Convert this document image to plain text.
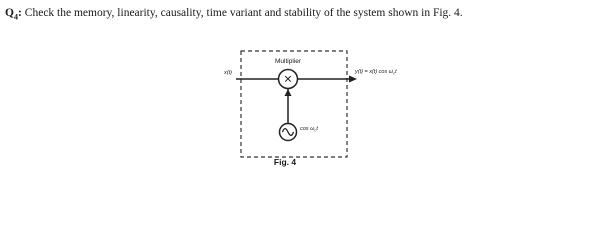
$Q_4$: Check the memory, linearity, causality, time variant and stability of the system shown in Fig. 4.

×
Multiplier
x(t)	y(t) = x(t) $\cos \omega_ct$
$\cos \omega_ct$

Fig. 4
